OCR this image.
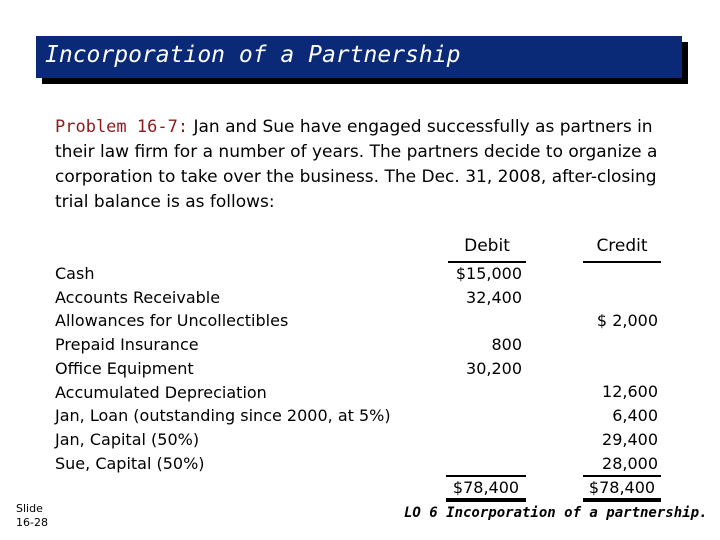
Incorporation of a Partnership
Problem 16-7: Jan and Sue have engaged successfully as partners in their law firm for a number of years. The partners decide to organize a corporation to take over the business. The Dec. 31, 2008, after-closing trial balance is as follows:
Debit	Credit
Cash
Accounts Receivable
Allowances for Uncollectibles
Prepaid Insurance
Office Equipment
Accumulated Depreciation
Jan, Loan (outstanding since 2000, at 5%)
Jan, Capital (50%)
Sue, Capital (50%)
$15,000
32,400
800
30,200
$ 2,000
12,600
6,400
29,400
28,000
$78,400	$78,400
Slide
16-28
LO 6 Incorporation of a partnership.
